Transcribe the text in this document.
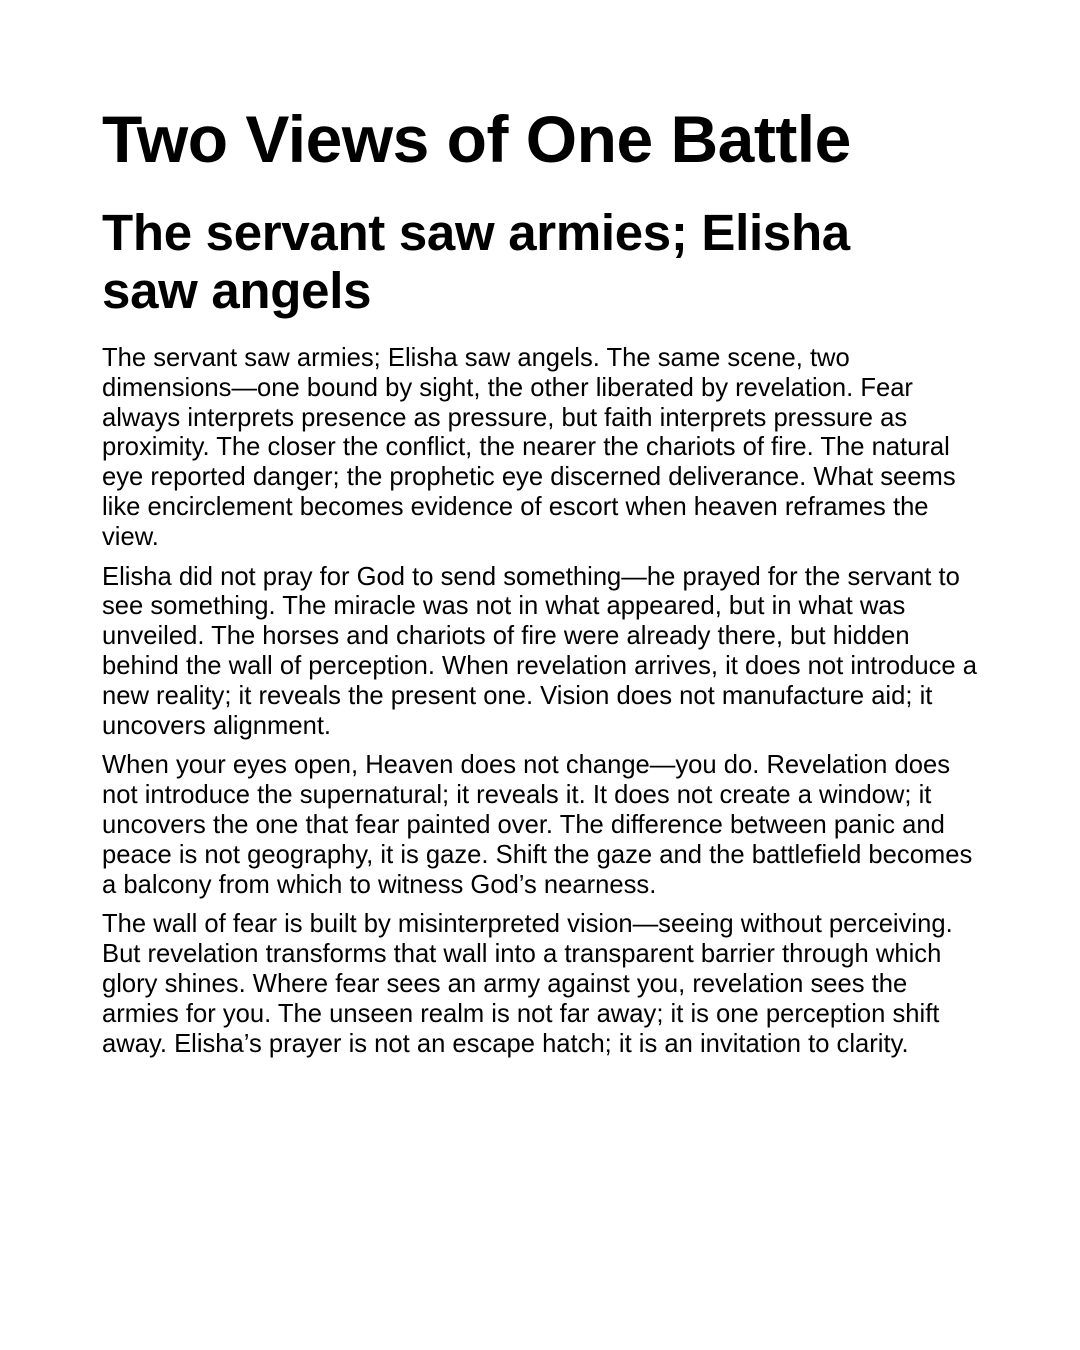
Two Views of One Battle
The servant saw armies; Elisha saw angels

The servant saw armies; Elisha saw angels. The same scene, two dimensions—one bound by sight, the other liberated by revelation. Fear always interprets presence as pressure, but faith interprets pressure as proximity. The closer the conflict, the nearer the chariots of fire. The natural eye reported danger; the prophetic eye discerned deliverance. What seems like encirclement becomes evidence of escort when heaven reframes the view.

Elisha did not pray for God to send something—he prayed for the servant to see something. The miracle was not in what appeared, but in what was unveiled. The horses and chariots of fire were already there, but hidden behind the wall of perception. When revelation arrives, it does not introduce a new reality; it reveals the present one. Vision does not manufacture aid; it uncovers alignment.

When your eyes open, Heaven does not change—you do. Revelation does not introduce the supernatural; it reveals it. It does not create a window; it uncovers the one that fear painted over. The difference between panic and peace is not geography, it is gaze. Shift the gaze and the battlefield becomes a balcony from which to witness God’s nearness.

The wall of fear is built by misinterpreted vision—seeing without perceiving. But revelation transforms that wall into a transparent barrier through which glory shines. Where fear sees an army against you, revelation sees the armies for you. The unseen realm is not far away; it is one perception shift away. Elisha’s prayer is not an escape hatch; it is an invitation to clarity.
